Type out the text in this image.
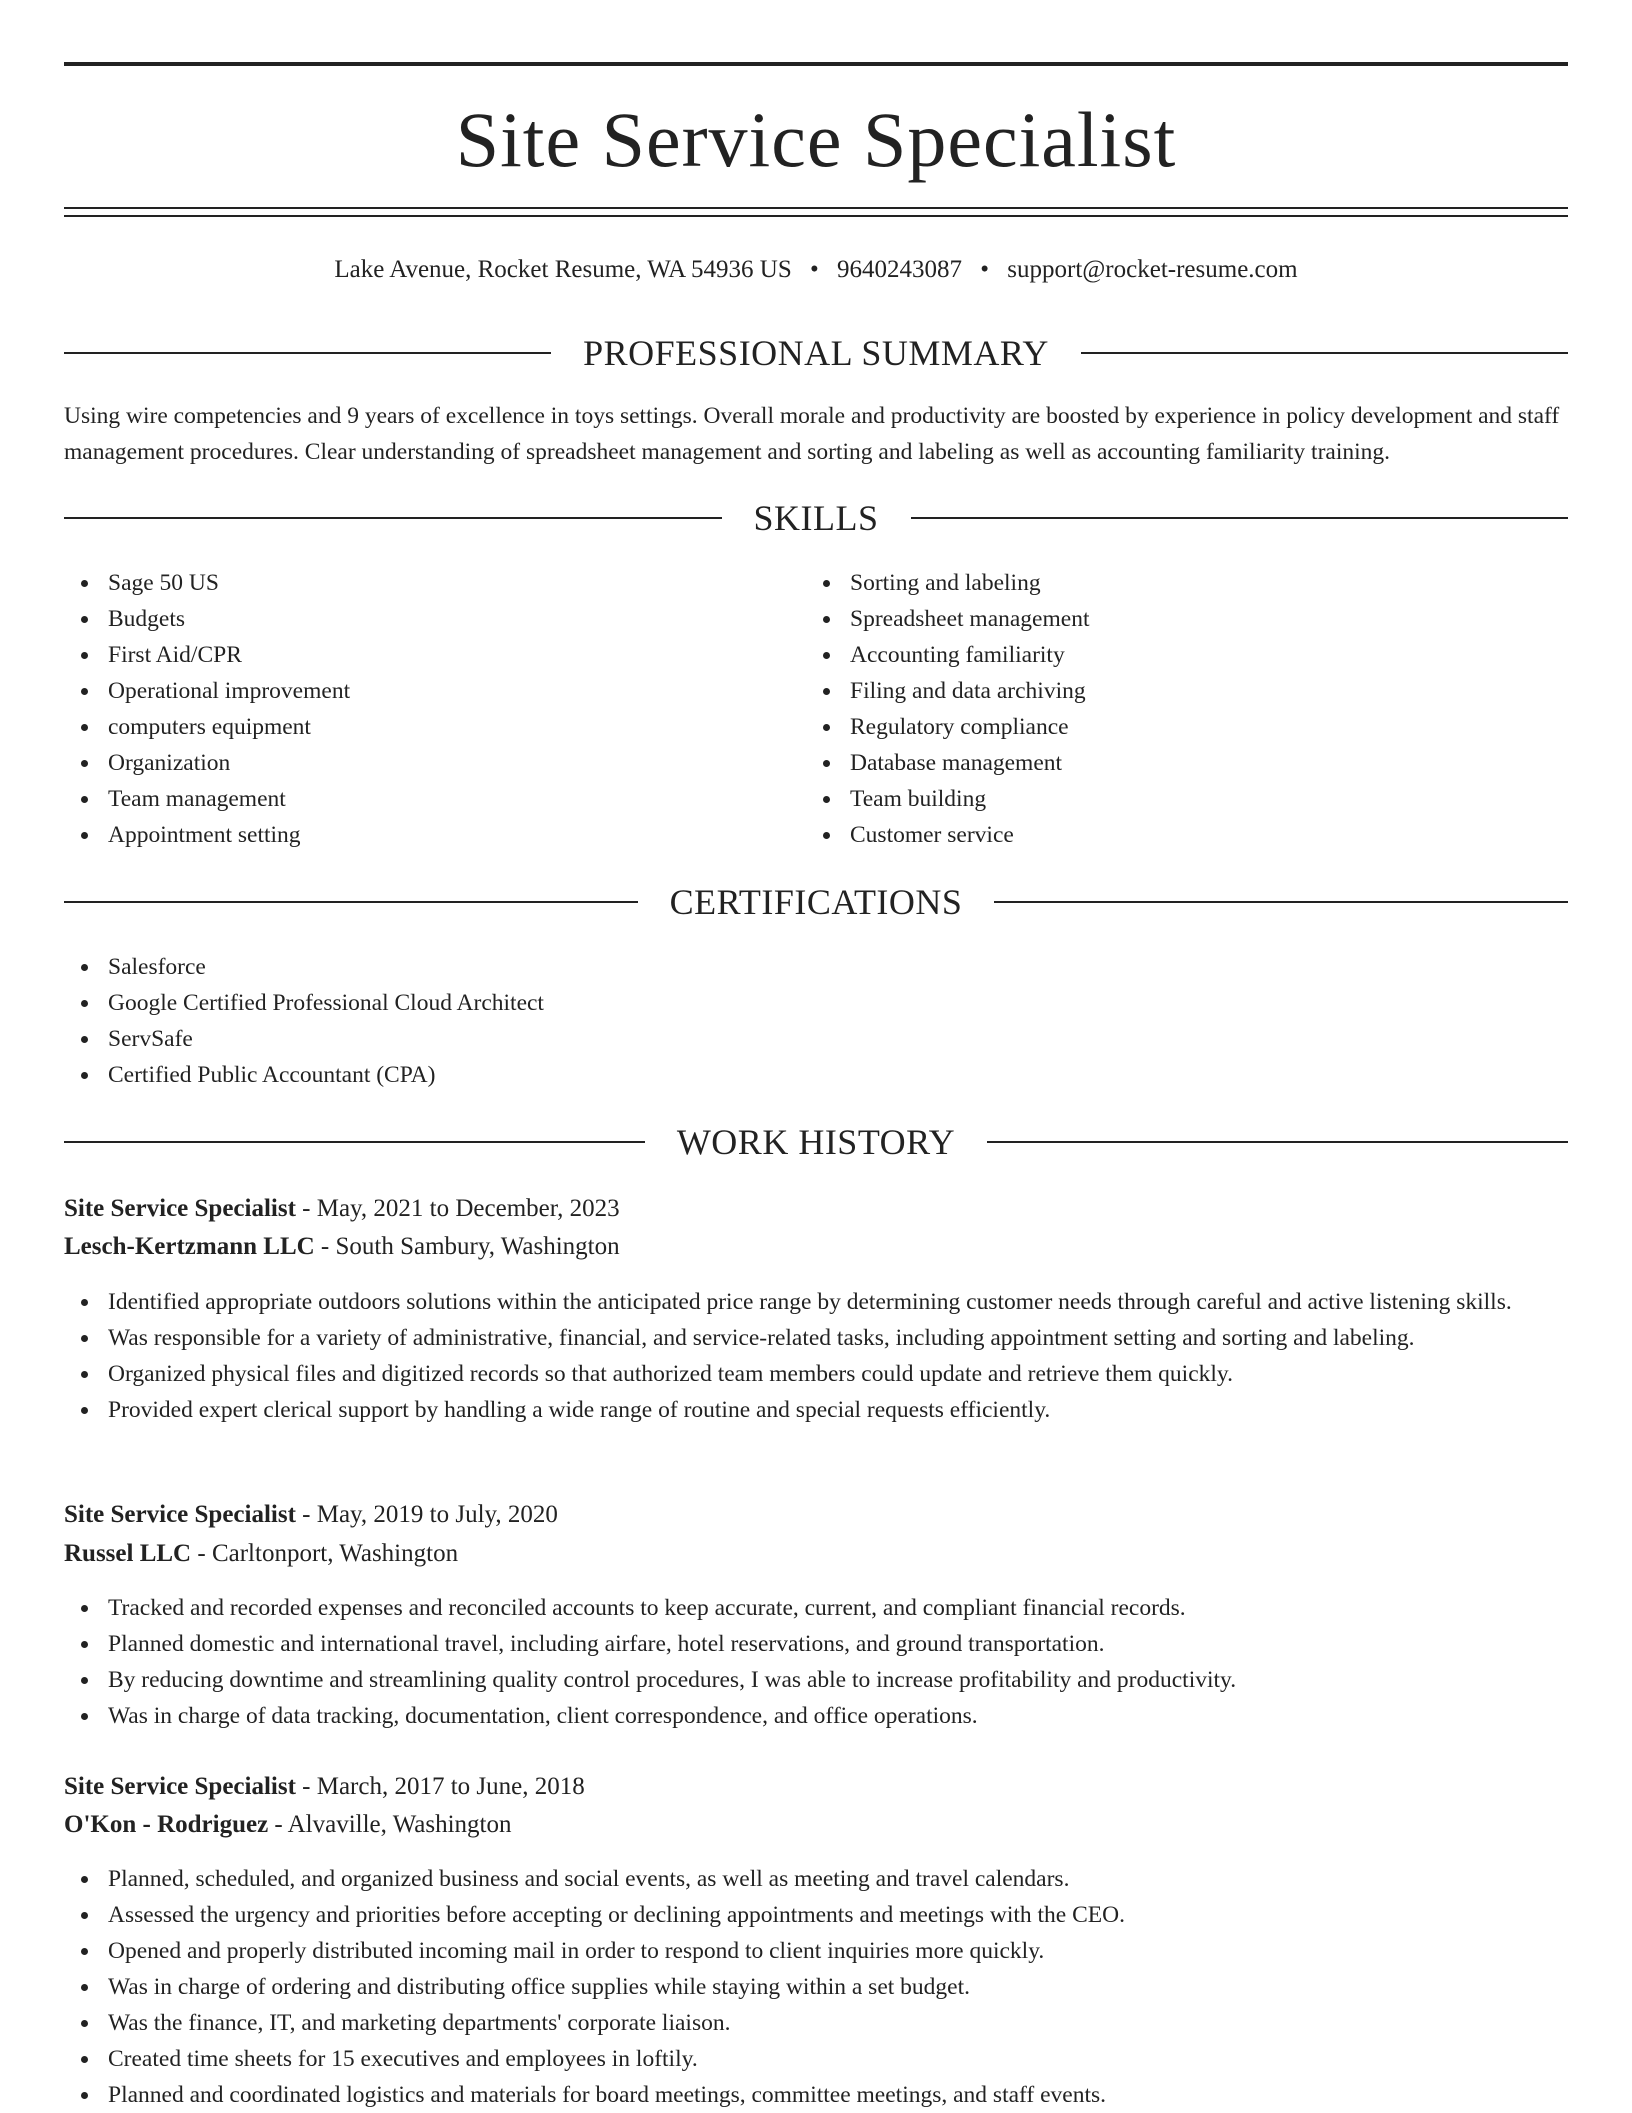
Site Service Specialist
Lake Avenue, Rocket Resume, WA 54936 US • 9640243087 • support@rocket-resume.com
PROFESSIONAL SUMMARY
Using wire competencies and 9 years of excellence in toys settings. Overall morale and productivity are boosted by experience in policy development and staff management procedures. Clear understanding of spreadsheet management and sorting and labeling as well as accounting familiarity training.
SKILLS
Sage 50 US
Budgets
First Aid/CPR
Operational improvement
computers equipment
Organization
Team management
Appointment setting
Sorting and labeling
Spreadsheet management
Accounting familiarity
Filing and data archiving
Regulatory compliance
Database management
Team building
Customer service
CERTIFICATIONS
Salesforce
Google Certified Professional Cloud Architect
ServSafe
Certified Public Accountant (CPA)
WORK HISTORY
Site Service Specialist - May, 2021 to December, 2023
Lesch-Kertzmann LLC - South Sambury, Washington
Identified appropriate outdoors solutions within the anticipated price range by determining customer needs through careful and active listening skills.
Was responsible for a variety of administrative, financial, and service-related tasks, including appointment setting and sorting and labeling.
Organized physical files and digitized records so that authorized team members could update and retrieve them quickly.
Provided expert clerical support by handling a wide range of routine and special requests efficiently.
Site Service Specialist - May, 2019 to July, 2020
Russel LLC - Carltonport, Washington
Tracked and recorded expenses and reconciled accounts to keep accurate, current, and compliant financial records.
Planned domestic and international travel, including airfare, hotel reservations, and ground transportation.
By reducing downtime and streamlining quality control procedures, I was able to increase profitability and productivity.
Was in charge of data tracking, documentation, client correspondence, and office operations.
Site Service Specialist - March, 2017 to June, 2018
O'Kon - Rodriguez - Alvaville, Washington
Planned, scheduled, and organized business and social events, as well as meeting and travel calendars.
Assessed the urgency and priorities before accepting or declining appointments and meetings with the CEO.
Opened and properly distributed incoming mail in order to respond to client inquiries more quickly.
Was in charge of ordering and distributing office supplies while staying within a set budget.
Was the finance, IT, and marketing departments' corporate liaison.
Created time sheets for 15 executives and employees in loftily.
Planned and coordinated logistics and materials for board meetings, committee meetings, and staff events.
